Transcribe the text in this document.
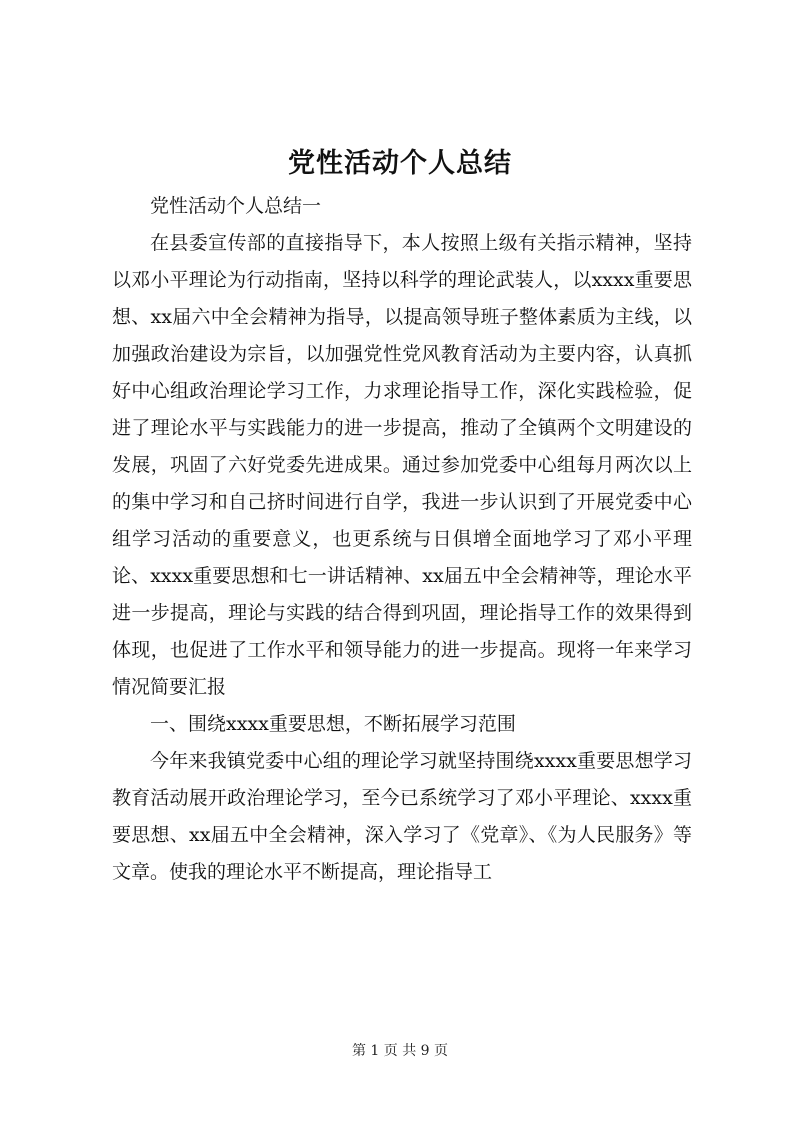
党性活动个人总结

党性活动个人总结一

在县委宣传部的直接指导下，本人按照上级有关指示精神，坚持以邓小平理论为行动指南，坚持以科学的理论武装人，以xxxx重要思想、xx届六中全会精神为指导，以提高领导班子整体素质为主线，以加强政治建设为宗旨，以加强党性党风教育活动为主要内容，认真抓好中心组政治理论学习工作，力求理论指导工作，深化实践检验，促进了理论水平与实践能力的进一步提高，推动了全镇两个文明建设的发展，巩固了六好党委先进成果。通过参加党委中心组每月两次以上的集中学习和自己挤时间进行自学，我进一步认识到了开展党委中心组学习活动的重要意义，也更系统与日俱增全面地学习了邓小平理论、xxxx重要思想和七一讲话精神、xx届五中全会精神等，理论水平进一步提高，理论与实践的结合得到巩固，理论指导工作的效果得到体现，也促进了工作水平和领导能力的进一步提高。现将一年来学习情况简要汇报

一、围绕xxxx重要思想，不断拓展学习范围

今年来我镇党委中心组的理论学习就坚持围绕xxxx重要思想学习教育活动展开政治理论学习，至今已系统学习了邓小平理论、xxxx重要思想、xx届五中全会精神，深入学习了《党章》、《为人民服务》等文章。使我的理论水平不断提高，理论指导工

第 1 页 共 9 页
